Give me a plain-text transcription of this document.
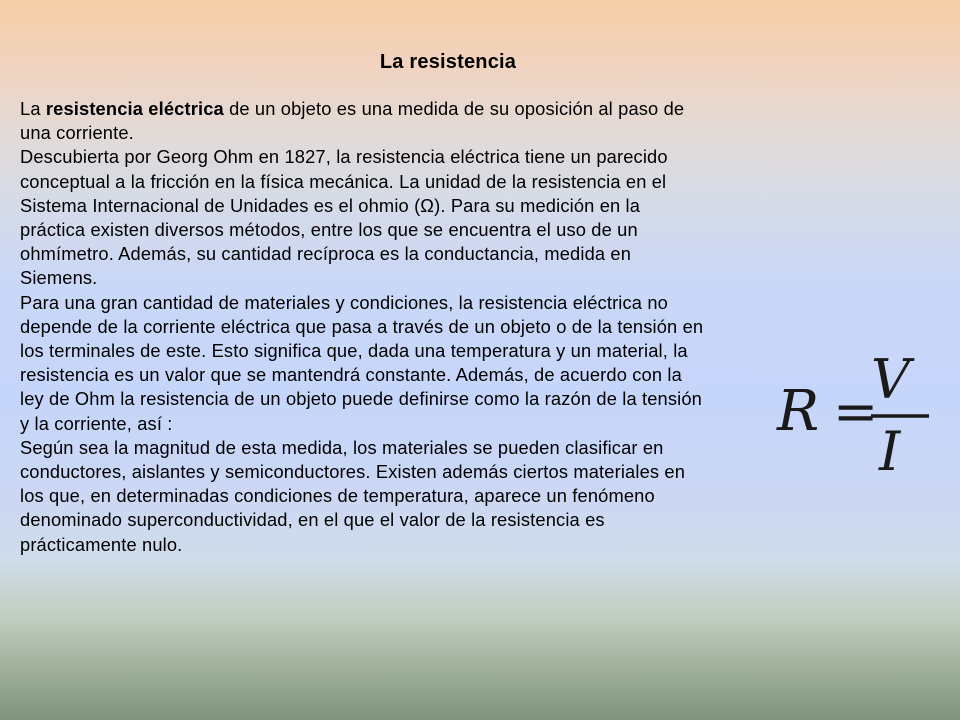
La resistencia

La resistencia eléctrica de un objeto es una medida de su oposición al paso de una corriente.

Descubierta por Georg Ohm en 1827, la resistencia eléctrica tiene un parecido conceptual a la fricción en la física mecánica. La unidad de la resistencia en el Sistema Internacional de Unidades es el ohmio (Ω). Para su medición en la práctica existen diversos métodos, entre los que se encuentra el uso de un ohmímetro. Además, su cantidad recíproca es la conductancia, medida en Siemens.

Para una gran cantidad de materiales y condiciones, la resistencia eléctrica no depende de la corriente eléctrica que pasa a través de un objeto o de la tensión en los terminales de este. Esto significa que, dada una temperatura y un material, la resistencia es un valor que se mantendrá constante. Además, de acuerdo con la ley de Ohm la resistencia de un objeto puede definirse como la razón de la tensión y la corriente, así :

Según sea la magnitud de esta medida, los materiales se pueden clasificar en conductores, aislantes y semiconductores. Existen además ciertos materiales en los que, en determinadas condiciones de temperatura, aparece un fenómeno denominado superconductividad, en el que el valor de la resistencia es prácticamente nulo.

R =
V
I
